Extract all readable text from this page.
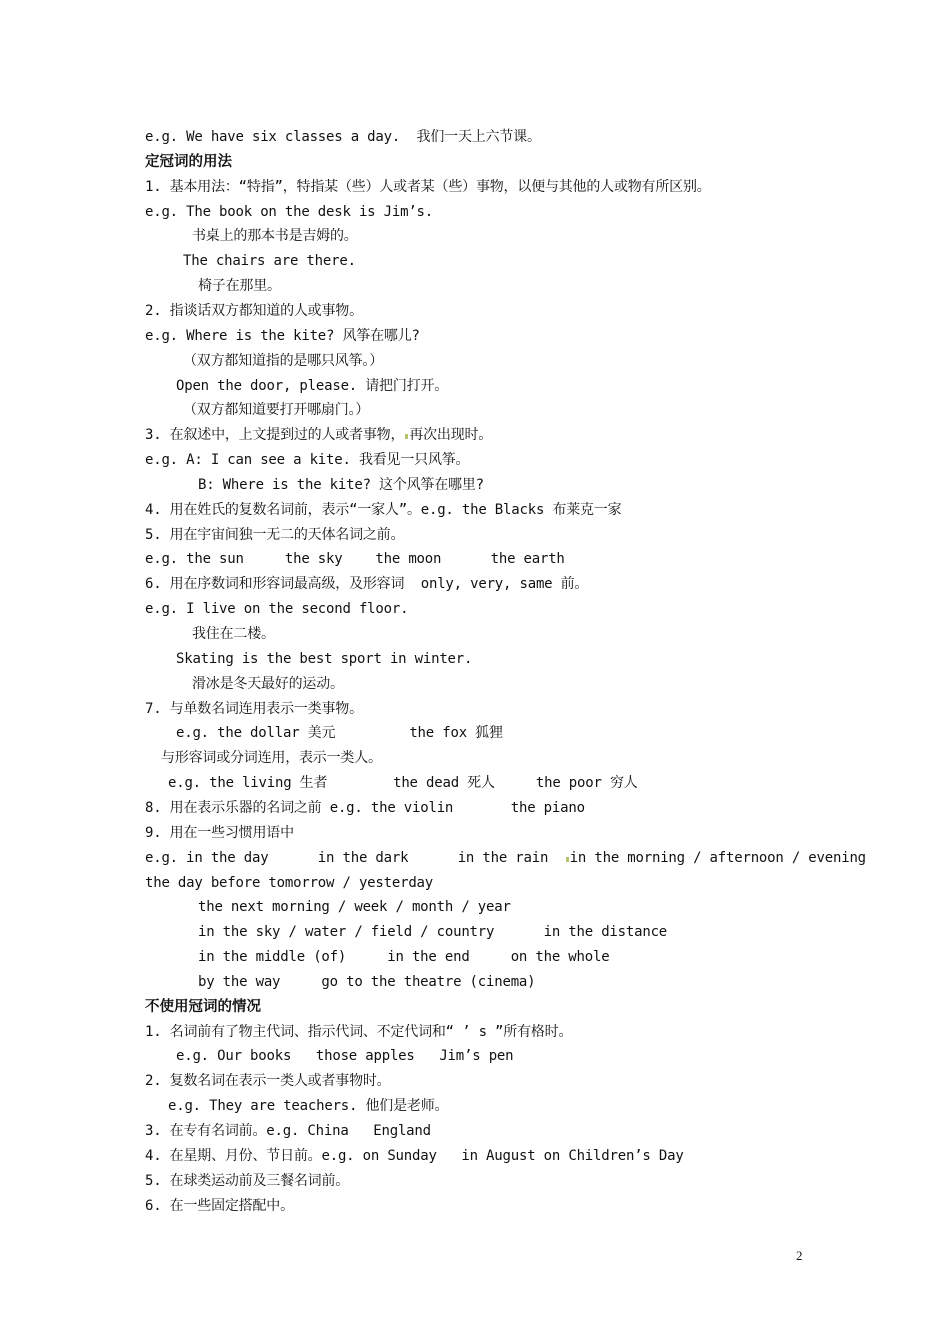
e.g. We have six classes a day.  我们一天上六节课。
定冠词的用法
1. 基本用法：“特指”，特指某（些）人或者某（些）事物，以便与其他的人或物有所区别。
e.g. The book on the desk is Jim’s.
书桌上的那本书是吉姆的。
The chairs are there.
椅子在那里。
2. 指谈话双方都知道的人或事物。
e.g. Where is the kite? 风筝在哪儿?
（双方都知道指的是哪只风筝。）
Open the door, please. 请把门打开。
（双方都知道要打开哪扇门。）
3. 在叙述中，上文提到过的人或者事物， 再次出现时。
e.g. A: I can see a kite. 我看见一只风筝。
B: Where is the kite? 这个风筝在哪里?
4. 用在姓氏的复数名词前，表示“一家人”。e.g. the Blacks 布莱克一家
5. 用在宇宙间独一无二的天体名词之前。
e.g. the sun     the sky    the moon      the earth
6. 用在序数词和形容词最高级，及形容词  only, very, same 前。
e.g. I live on the second floor.
我住在二楼。
Skating is the best sport in winter.
滑冰是冬天最好的运动。
7. 与单数名词连用表示一类事物。
e.g. the dollar 美元         the fox 狐狸
与形容词或分词连用，表示一类人。
e.g. the living 生者        the dead 死人     the poor 穷人
8. 用在表示乐器的名词之前 e.g. the violin       the piano
9. 用在一些习惯用语中
e.g. in the day      in the dark      in the rain  in the morning / afternoon / evening
the day before tomorrow / yesterday
the next morning / week / month / year
in the sky / water / field / country      in the distance
in the middle (of)     in the end     on the whole
by the way     go to the theatre (cinema)
不使用冠词的情况
1. 名词前有了物主代词、指示代词、不定代词和“ ’ s ”所有格时。
e.g. Our books   those apples   Jim’s pen
2. 复数名词在表示一类人或者事物时。
e.g. They are teachers. 他们是老师。
3. 在专有名词前。e.g. China   England
4. 在星期、月份、节日前。e.g. on Sunday   in August on Children’s Day
5. 在球类运动前及三餐名词前。
6. 在一些固定搭配中。
2
